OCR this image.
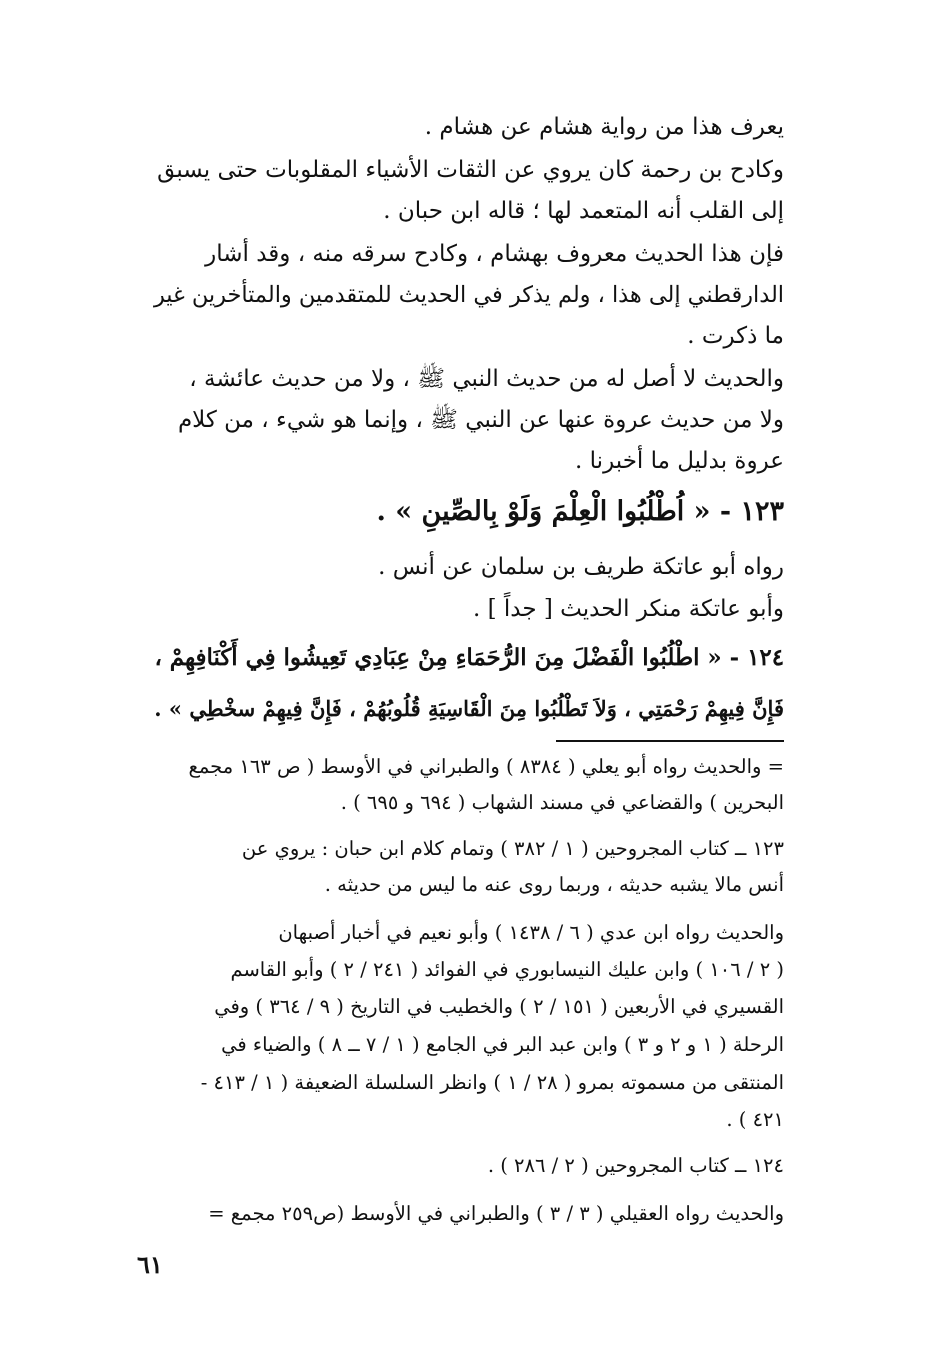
يعرف هذا من رواية هشام عن هشام .
وكادح بن رحمة كان يروي عن الثقات الأشياء المقلوبات حتى يسبق
إلى القلب أنه المتعمد لها ؛ قاله ابن حبان .
فإن هذا الحديث معروف بهشام ، وكادح سرقه منه ، وقد أشار
الدارقطني إلى هذا ، ولم يذكر في الحديث للمتقدمين والمتأخرين غير
ما ذكرت .
والحديث لا أصل له من حديث النبي ﷺ ، ولا من حديث عائشة ،
ولا من حديث عروة عنها عن النبي ﷺ ، وإنما هو شيء ، من كلام
عروة بدليل ما أخبرنا .
١٢٣ - « اُطْلُبُوا الْعِلْمَ وَلَوْ بِالصِّينِ » .
رواه أبو عاتكة طريف بن سلمان عن أنس .
وأبو عاتكة منكر الحديث [ جداً ] .
١٢٤ - « اطْلُبُوا الْفَضْلَ مِنَ الرُّحَمَاءِ مِنْ عِبَادِي تَعِيشُوا فِي أَكْنَافِهِمْ ،
فَإِنَّ فِيهِمْ رَحْمَتِي ، وَلاَ تَطْلُبُوا مِنَ الْقَاسِيَةِ قُلُوبُهُمْ ، فَإِنَّ فِيهِمْ سخْطِي » .
= والحديث رواه أبو يعلي ( ٨٣٨٤ ) والطبراني في الأوسط ( ص ١٦٣ مجمع
البحرين ) والقضاعي في مسند الشهاب ( ٦٩٤ و ٦٩٥ ) .
١٢٣ ــ كتاب المجروحين ( ١ / ٣٨٢ ) وتمام كلام ابن حبان : يروي عن
أنس مالا يشبه حديثه ، وربما روى عنه ما ليس من حديثه .
والحديث رواه ابن عدي ( ٦ / ١٤٣٨ ) وأبو نعيم في أخبار أصبهان
( ٢ / ١٠٦ ) وابن عليك النيسابوري في الفوائد ( ٢٤١ / ٢ ) وأبو القاسم
القسيري في الأربعين ( ١٥١ / ٢ ) والخطيب في التاريخ ( ٩ / ٣٦٤ ) وفي
الرحلة ( ١ و ٢ و ٣ ) وابن عبد البر في الجامع ( ١ / ٧ ــ ٨ ) والضياء في
المنتقى من مسموته بمرو ( ٢٨ / ١ ) وانظر السلسلة الضعيفة ( ١ / ٤١٣ -
٤٢١ ) .
١٢٤ ــ كتاب المجروحين ( ٢ / ٢٨٦ ) .
والحديث رواه العقيلي ( ٣ / ٣ ) والطبراني في الأوسط (ص٢٥٩ مجمع =
٦١
